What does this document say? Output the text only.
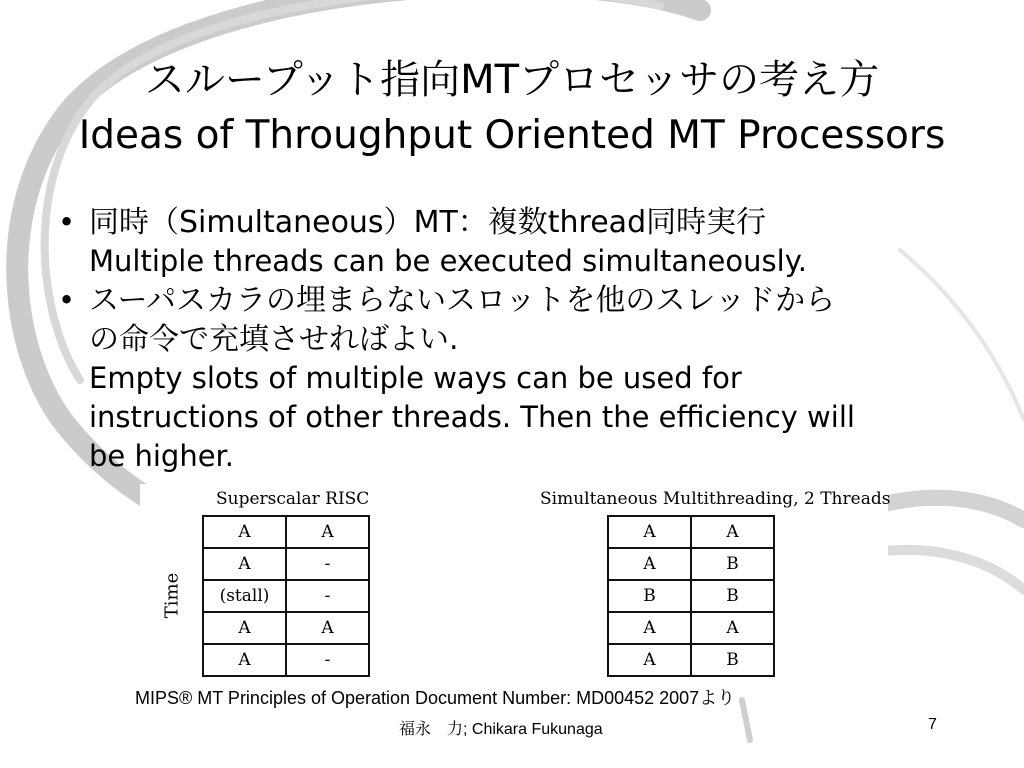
スループット指向MTプロセッサの考え方
Ideas of Throughput Oriented MT Processors
• 同時（Simultaneous）MT：複数thread同時実行
Multiple threads can be executed simultaneously.
• スーパスカラの埋まらないスロットを他のスレッドから
の命令で充填させればよい.
Empty slots of multiple ways can be used for
instructions of other threads. Then the efficiency will
be higher.
Superscalar RISC	Simultaneous Multithreading, 2 Threads
Time
A	A
A	-
(stall)	-
A	A
A	-
A	A
A	B
B	B
A	A
A	B
MIPS® MT Principles of Operation Document Number: MD00452 2007より
福永　力; Chikara Fukunaga	7
